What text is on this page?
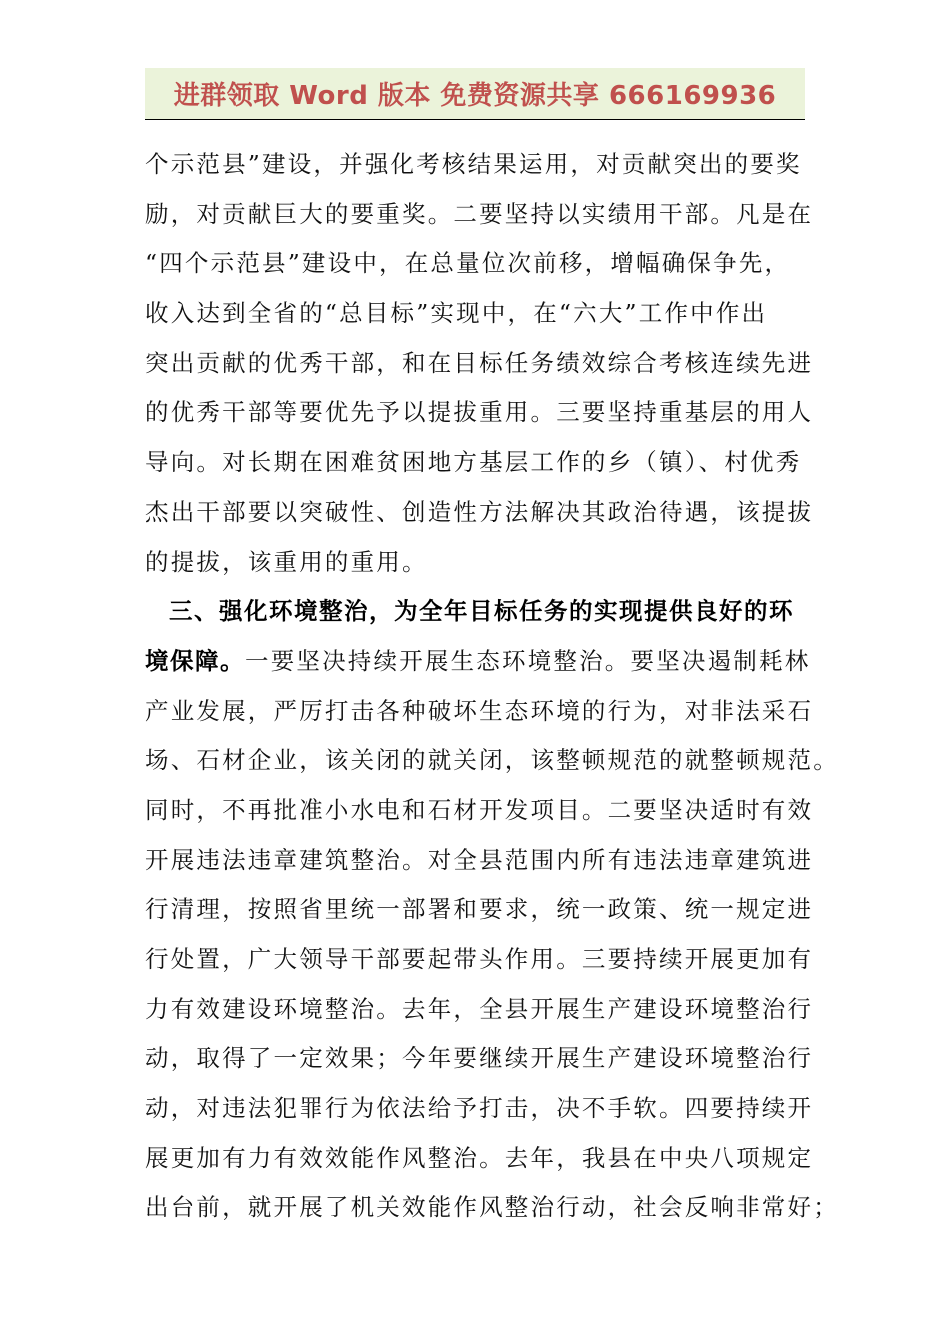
进群领取 Word 版本 免费资源共享 666169936
个示范县”建设，并强化考核结果运用，对贡献突出的要奖
励，对贡献巨大的要重奖。二要坚持以实绩用干部。凡是在
“四个示范县”建设中，在总量位次前移，增幅确保争先，
收入达到全省的“总目标”实现中，在“六大”工作中作出
突出贡献的优秀干部，和在目标任务绩效综合考核连续先进
的优秀干部等要优先予以提拔重用。三要坚持重基层的用人
导向。对长期在困难贫困地方基层工作的乡（镇）、村优秀
杰出干部要以突破性、创造性方法解决其政治待遇，该提拔
的提拔，该重用的重用。
三、强化环境整治，为全年目标任务的实现提供良好的环
境保障。一要坚决持续开展生态环境整治。要坚决遏制耗林
产业发展，严厉打击各种破坏生态环境的行为，对非法采石
场、石材企业，该关闭的就关闭，该整顿规范的就整顿规范。
同时，不再批准小水电和石材开发项目。二要坚决适时有效
开展违法违章建筑整治。对全县范围内所有违法违章建筑进
行清理，按照省里统一部署和要求，统一政策、统一规定进
行处置，广大领导干部要起带头作用。三要持续开展更加有
力有效建设环境整治。去年，全县开展生产建设环境整治行
动，取得了一定效果；今年要继续开展生产建设环境整治行
动，对违法犯罪行为依法给予打击，决不手软。四要持续开
展更加有力有效效能作风整治。去年，我县在中央八项规定
出台前，就开展了机关效能作风整治行动，社会反响非常好；
